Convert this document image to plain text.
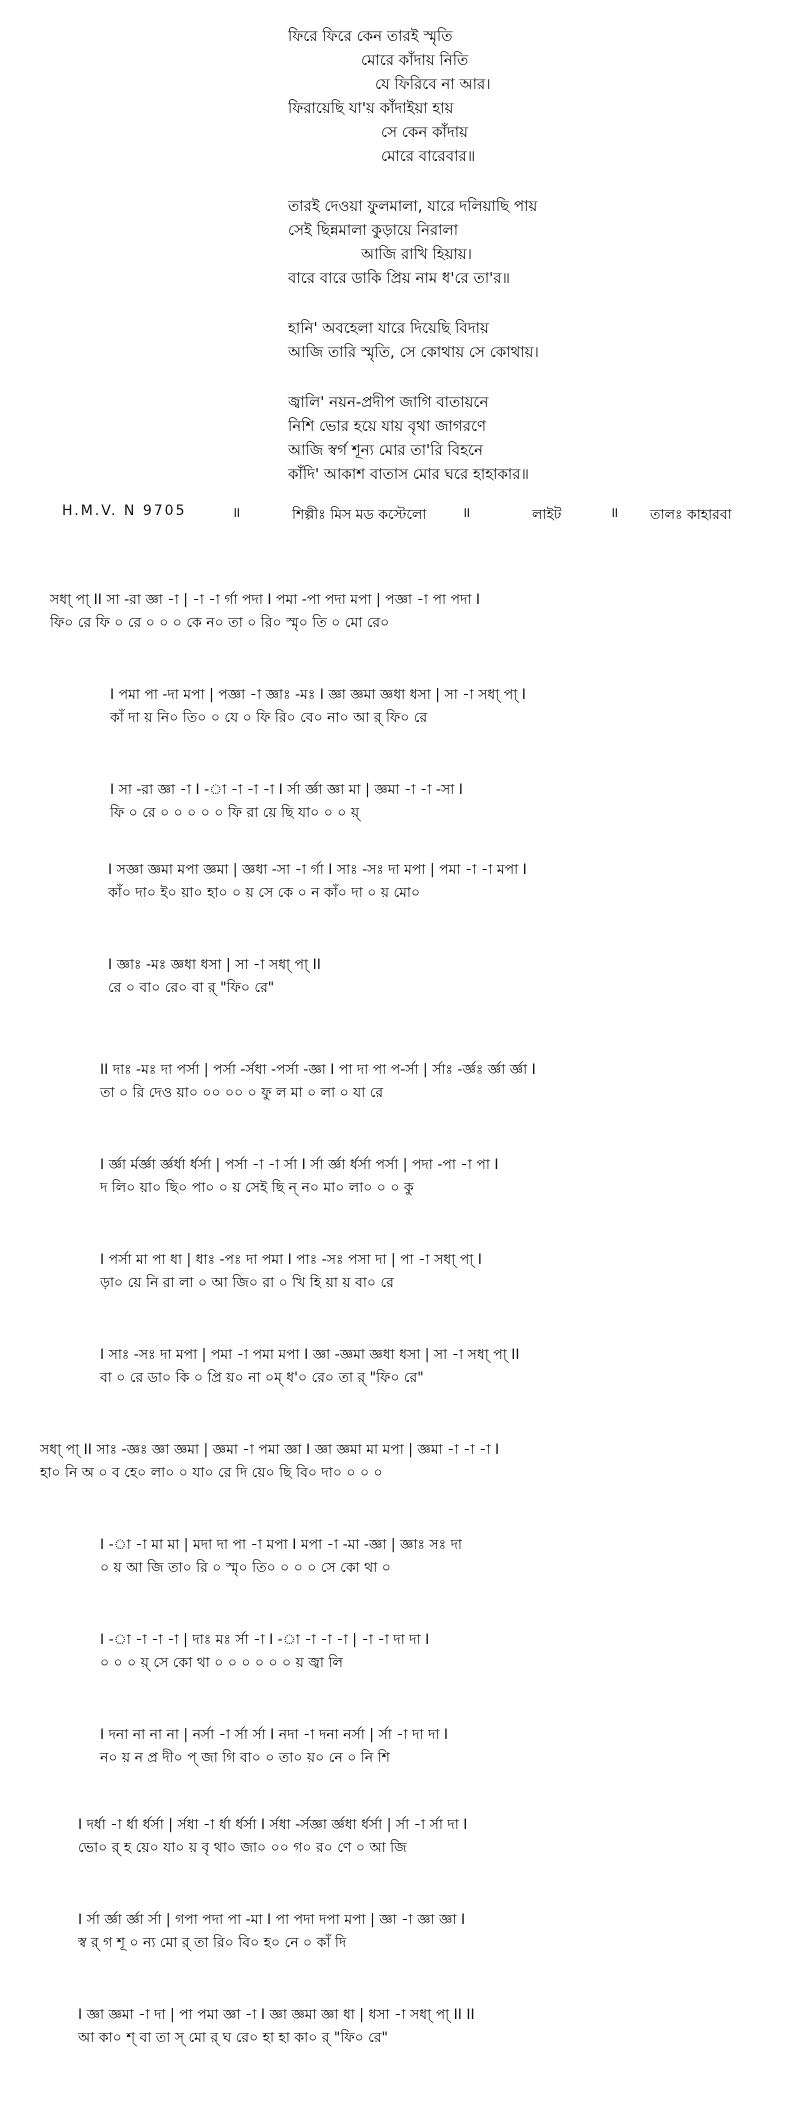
ফিরে ফিরে কেন তারই স্মৃতি
মোরে কাঁদায় নিতি
যে ফিরিবে না আর।
ফিরায়েছি যা'য় কাঁদাইয়া হায়
সে কেন কাঁদায়
মোরে বারেবার॥
তারই দেওয়া ফুলমালা, যারে দলিয়াছি পায়
সেই ছিন্নমালা কুড়ায়ে নিরালা
আজি রাখি হিয়ায়।
বারে বারে ডাকি প্রিয় নাম ধ'রে তা'র॥
হানি' অবহেলা যারে দিয়েছি বিদায়
আজি তারি স্মৃতি, সে কোথায় সে কোথায়।
জ্বালি' নয়ন-প্রদীপ জাগি বাতায়নে
নিশি ভোর হয়ে যায় বৃথা জাগরণে
আজি স্বর্গ শূন্য মোর তা'রি বিহনে
কাঁদি' আকাশ বাতাস মোর ঘরে হাহাকার॥
H.M.V. N 9705	॥	শিল্পীঃ মিস মড কস্টেলো	॥	লাইট	॥ তালঃ কাহারবা
সধা্ পা্ II সা -রা জ্ঞা -া | -া -া র্গা পদা I পমা -পা পদা মপা | পজ্ঞা -া পা পদা I
ফি০ রে ফি ০ রে ০ ০ ০ কে ন০ তা ০ রি০ স্মৃ০ তি ০ মো রে০
I পমা পা -দা মপা | পজ্ঞা -া জ্ঞাঃ -মঃ I জ্ঞা জ্ঞমা জ্ঞধা ধসা | সা -া সধা্ পা্ I
কাঁ দা য় নি০ তি০ ০ যে ০ ফি রি০ বে০ না০ আ র্ ফি০ রে
I সা -রা জ্ঞা -া I -া -া -া -া I র্সা র্জ্ঞা জ্ঞা মা | জ্ঞমা -া -া -সা I
ফি ০ রে ০ ০ ০ ০ ০ ফি রা য়ে ছি যা০ ০ ০ য়্
I সজ্ঞা জ্ঞমা মপা জ্ঞমা | জ্ঞধা -সা -া র্গা I সাঃ -সঃ দা মপা | পমা -া -া মপা I
কাঁ০ দা০ ই০ য়া০ হা০ ০ য় সে কে ০ ন কাঁ০ দা ০ য় মো০
I জ্ঞাঃ -মঃ জ্ঞধা ধসা | সা -া সধা্ পা্ II
রে ০ বা০ রে০ বা র্ "ফি০ রে"
II দাঃ -মঃ দা পর্সা | পর্সা -র্সধা -পর্সা -জ্ঞা I পা দা পা প-র্সা | র্সাঃ -র্জ্ঞঃ র্জ্ঞা র্জ্ঞা I
তা ০ রি দেও য়া০ ০০ ০০ ০ ফু ল মা ০ লা ০ যা রে
I র্জ্ঞা র্মর্জ্ঞা র্জ্ঞর্ধা র্ধর্সা | পর্সা -া -া র্সা I র্সা র্জ্ঞা র্ধর্সা পর্সা | পদা -পা -া পা I
দ লি০ য়া০ ছি০ পা০ ০ য় সেই ছি ন্ ন০ মা০ লা০ ০ ০ কু
I পর্সা মা পা ধা | ধাঃ -পঃ দা পমা I পাঃ -সঃ পসা দা | পা -া সধা্ পা্ I
ড়া০ য়ে নি রা লা ০ আ জি০ রা ০ খি হি য়া য় বা০ রে
I সাঃ -সঃ দা মপা | পমা -া পমা মপা I জ্ঞা -জ্ঞমা জ্ঞধা ধসা | সা -া সধা্ পা্ II
বা ০ রে ডা০ কি ০ প্রি য়০ না ০ম্ ধ'০ রে০ তা র্ "ফি০ রে"
সধা্ পা্ II সাঃ -জ্ঞঃ জ্ঞা জ্ঞমা | জ্ঞমা -া পমা জ্ঞা I জ্ঞা জ্ঞমা মা মপা | জ্ঞমা -া -া -া I
হা০ নি অ ০ ব হে০ লা০ ০ যা০ রে দি য়ে০ ছি বি০ দা০ ০ ০ ০
I -া -া মা মা | মদা দা পা -া মপা I মপা -া -মা -জ্ঞা | জ্ঞাঃ সঃ দা
০ য় আ জি তা০ রি ০ স্মৃ০ তি০ ০ ০ ০ সে কো থা ০
I -া -া -া -া | দাঃ মঃ র্সা -া I -া -া -া -া | -া -া দা দা I
০ ০ ০ য়্ সে কো থা ০ ০ ০ ০ ০ ০ য় জ্বা লি
I দনা না না না | নর্সা -া র্সা র্সা I নদা -া দনা নর্সা | র্সা -া দা দা I
ন০ য় ন প্র দী০ প্ জা গি বা০ ০ তা০ য়০ নে ০ নি শি
I দর্ধা -া র্ধা র্ধর্সা | র্সধা -া র্ধা র্ধর্সা I র্সধা -র্সজ্ঞা র্জ্ঞধা র্ধর্সা | র্সা -া র্সা দা I
ভো০ র্ হ য়ে০ যা০ য় বৃ থা০ জা০ ০০ গ০ র০ ণে ০ আ জি
I র্সা র্জ্ঞা র্জ্ঞা র্সা | গপা পদা পা -মা I পা পদা দপা মপা | জ্ঞা -া জ্ঞা জ্ঞা I
স্ব র্ গ শূ ০ ন্য মো র্ তা রি০ বি০ হ০ নে ০ কাঁ দি
I জ্ঞা জ্ঞমা -া দা | পা পমা জ্ঞা -া I জ্ঞা জ্ঞমা জ্ঞা ধা | ধসা -া সধা্ পা্ II II
আ কা০ শ্ বা তা স্ মো র্ ঘ রে০ হা হা কা০ র্ "ফি০ রে"
